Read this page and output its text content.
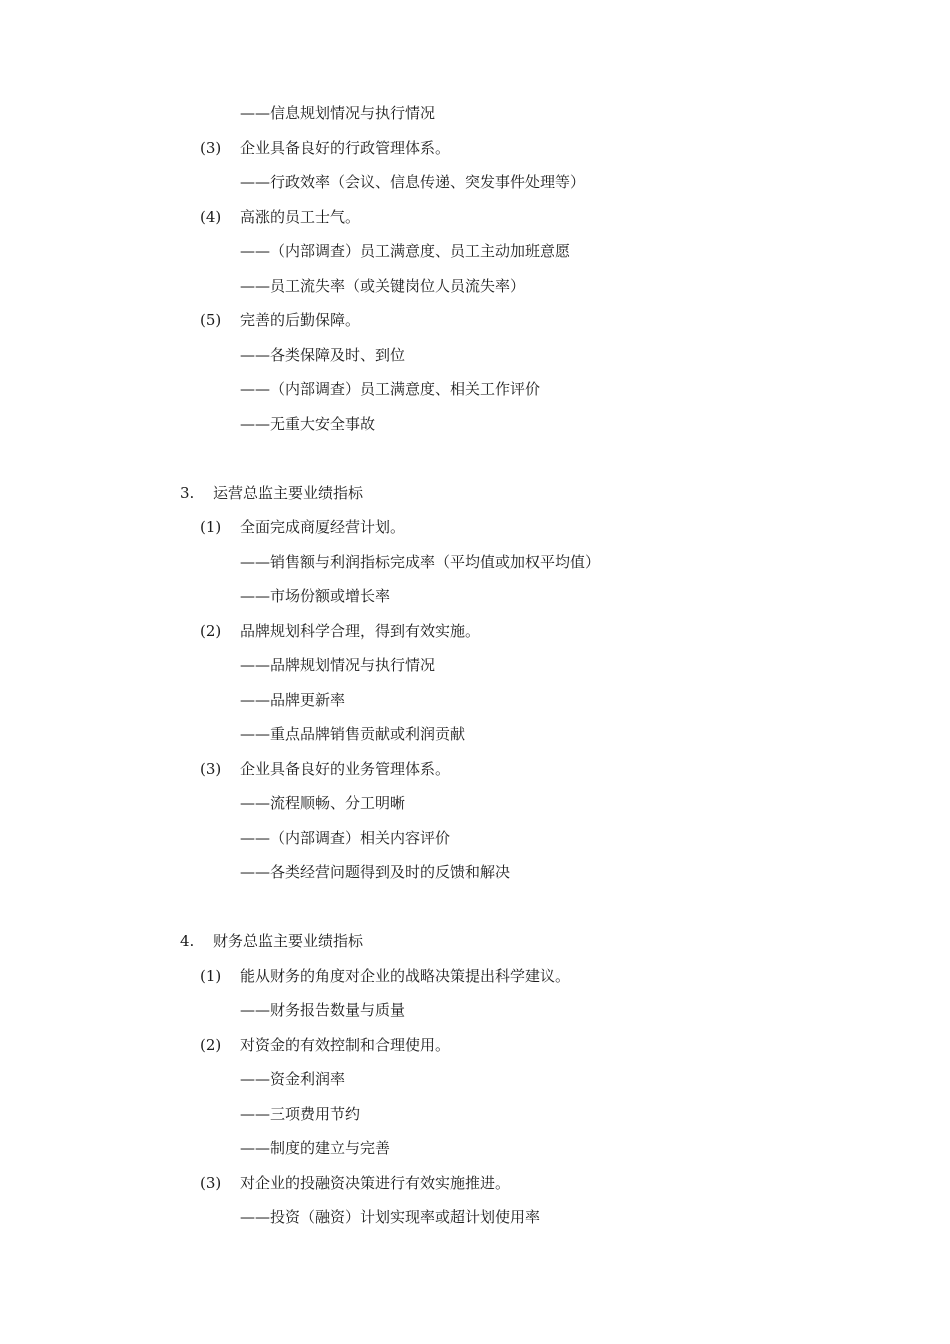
——信息规划情况与执行情况
(3) 企业具备良好的行政管理体系。
——行政效率（会议、信息传递、突发事件处理等）
(4) 高涨的员工士气。
——（内部调查）员工满意度、员工主动加班意愿
——员工流失率（或关键岗位人员流失率）
(5) 完善的后勤保障。
——各类保障及时、到位
——（内部调查）员工满意度、相关工作评价
——无重大安全事故
3. 运营总监主要业绩指标
(1) 全面完成商厦经营计划。
——销售额与利润指标完成率（平均值或加权平均值）
——市场份额或增长率
(2) 品牌规划科学合理，得到有效实施。
——品牌规划情况与执行情况
——品牌更新率
——重点品牌销售贡献或利润贡献
(3) 企业具备良好的业务管理体系。
——流程顺畅、分工明晰
——（内部调查）相关内容评价
——各类经营问题得到及时的反馈和解决
4. 财务总监主要业绩指标
(1) 能从财务的角度对企业的战略决策提出科学建议。
——财务报告数量与质量
(2) 对资金的有效控制和合理使用。
——资金利润率
——三项费用节约
——制度的建立与完善
(3) 对企业的投融资决策进行有效实施推进。
——投资（融资）计划实现率或超计划使用率
